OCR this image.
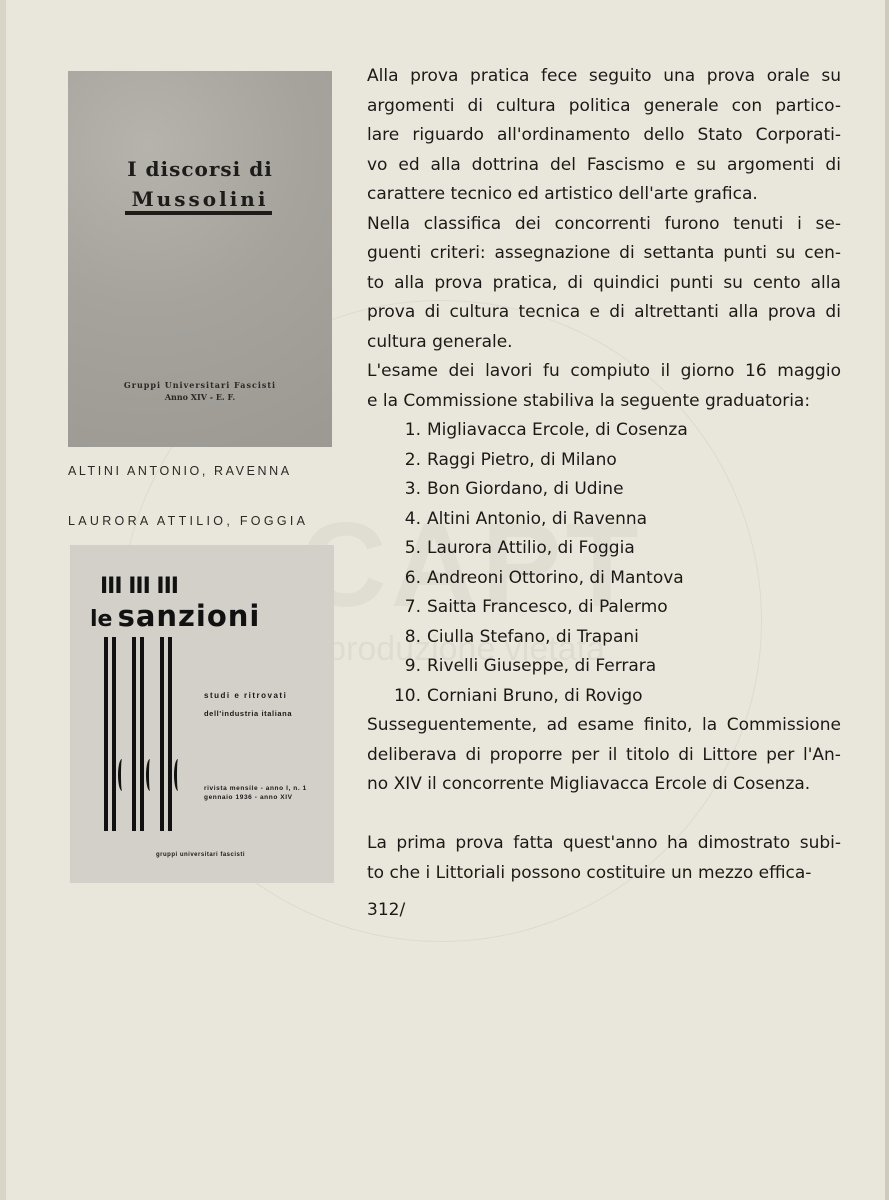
I discorsi di
Mussolini
Gruppi Universitari Fascisti
Anno XIV - E. F.
ALTINI ANTONIO, RAVENNA
LAURORA ATTILIO, FOGGIA
III III III
le sanzioni
studi e ritrovati
dell'industria italiana
rivista mensile - anno I, n. 1
gennaio 1936 - anno XIV
gruppi universitari fascisti
Alla prova pratica fece seguito una prova orale su
argomenti di cultura politica generale con partico-
lare riguardo all'ordinamento dello Stato Corporati-
vo ed alla dottrina del Fascismo e su argomenti di
carattere tecnico ed artistico dell'arte grafica.
Nella classifica dei concorrenti furono tenuti i se-
guenti criteri: assegnazione di settanta punti su cen-
to alla prova pratica, di quindici punti su cento alla
prova di cultura tecnica e di altrettanti alla prova di
cultura generale.
L'esame dei lavori fu compiuto il giorno 16 maggio
e la Commissione stabiliva la seguente graduatoria:
1. Migliavacca Ercole, di Cosenza
2. Raggi Pietro, di Milano
3. Bon Giordano, di Udine
4. Altini Antonio, di Ravenna
5. Laurora Attilio, di Foggia
6. Andreoni Ottorino, di Mantova
7. Saitta Francesco, di Palermo
8. Ciulla Stefano, di Trapani
9. Rivelli Giuseppe, di Ferrara
10. Corniani Bruno, di Rovigo
Susseguentemente, ad esame finito, la Commissione
deliberava di proporre per il titolo di Littore per l'An-
no XIV il concorrente Migliavacca Ercole di Cosenza.
La prima prova fatta quest'anno ha dimostrato subi-
to che i Littoriali possono costituire un mezzo effica-
312/
